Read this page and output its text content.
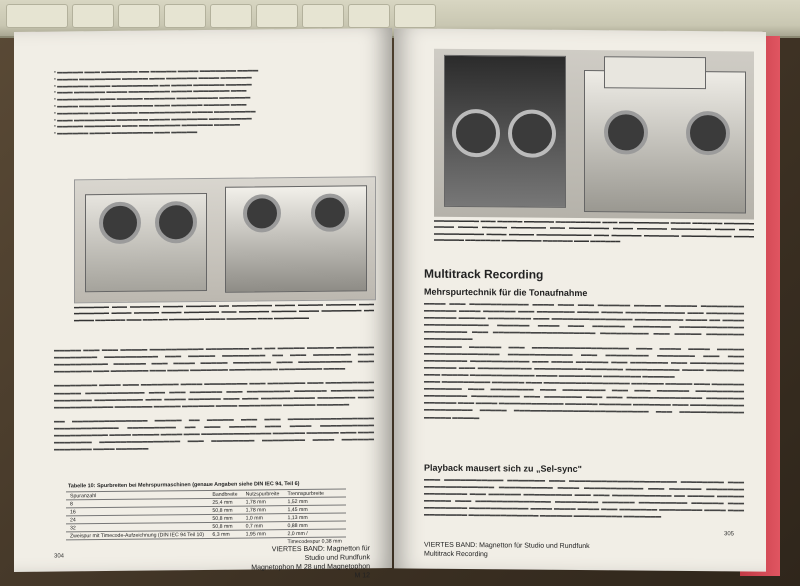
▪ ▬▬▬▬▬ ▬▬▬ ▬▬▬▬▬▬▬ ▬▬ ▬▬▬▬▬ ▬▬▬▬ ▬▬▬▬▬▬▬ ▬▬▬▬
▪ ▬▬▬▬ ▬▬▬▬▬▬▬▬ ▬▬▬▬▬ ▬▬▬ ▬▬▬▬▬▬ ▬▬▬▬ ▬▬▬▬▬▬
▪ ▬▬▬▬▬▬ ▬▬▬▬ ▬▬▬▬▬▬▬▬▬ ▬▬ ▬▬▬▬ ▬▬▬▬▬▬ ▬▬▬▬▬
▪ ▬▬▬ ▬▬▬▬▬▬ ▬▬▬▬ ▬▬▬▬▬▬▬▬ ▬▬▬▬ ▬▬▬▬▬▬▬ ▬▬▬
▪ ▬▬▬▬▬▬▬▬ ▬▬▬ ▬▬▬▬▬ ▬▬▬▬▬▬ ▬▬▬▬▬▬▬▬ ▬▬▬▬▬▬
▪ ▬▬▬▬ ▬▬▬▬▬▬ ▬▬▬▬▬▬▬▬ ▬▬▬ ▬▬▬▬▬▬ ▬▬▬▬▬ ▬▬▬
▪ ▬▬▬▬▬▬ ▬▬▬▬ ▬▬▬▬▬ ▬▬▬▬▬▬▬▬▬▬ ▬▬▬▬ ▬▬▬▬▬▬▬▬
▪ ▬▬▬ ▬▬▬▬▬▬▬▬ ▬▬▬▬▬▬ ▬▬▬▬ ▬▬▬▬▬▬▬ ▬▬▬▬ ▬▬▬▬
▪ ▬▬▬▬▬ ▬▬▬▬▬▬▬ ▬▬▬ ▬▬▬▬▬▬▬▬ ▬▬▬▬▬▬ ▬▬▬▬▬
▪ ▬▬▬▬▬▬ ▬▬▬▬ ▬▬▬▬▬▬▬▬ ▬▬▬ ▬▬▬▬▬
▬▬▬▬▬▬▬ ▬▬▬ ▬▬▬▬▬▬ ▬▬▬▬ ▬▬▬▬▬▬ ▬▬ ▬▬▬▬▬▬▬▬ ▬▬▬▬ ▬▬▬▬▬ ▬▬▬▬▬▬ ▬▬▬ ▬▬▬▬▬▬▬ ▬▬▬▬ ▬▬▬▬▬ ▬▬▬▬ ▬▬▬▬▬▬▬ ▬▬▬ ▬▬▬▬▬▬ ▬▬▬▬▬ ▬▬▬▬ ▬▬▬▬▬▬▬▬ ▬▬ ▬▬▬▬ ▬▬▬▬▬▬ ▬▬▬ ▬▬▬▬▬ ▬▬▬▬▬▬▬ ▬▬▬▬ ▬▬▬▬▬▬ ▬▬▬ ▬▬▬▬▬▬▬
▬▬▬▬▬ ▬▬▬ ▬▬▬ ▬▬▬▬▬ ▬▬▬▬▬▬▬▬▬▬ ▬▬▬▬▬▬▬▬ ▬▬ ▬▬ ▬▬▬▬▬ ▬▬▬▬▬ ▬▬▬▬▬▬▬ ▬▬▬▬▬▬▬▬ ▬▬▬▬▬▬▬▬▬▬ ▬▬▬ ▬▬▬▬▬ ▬▬▬▬▬▬▬▬ ▬▬ ▬▬▬ ▬▬▬▬▬▬▬ ▬▬▬ ▬▬▬▬▬▬▬▬▬▬ ▬▬▬▬▬▬ ▬▬▬ ▬▬▬▬ ▬▬▬▬▬ ▬▬▬▬▬▬▬ ▬▬▬ ▬▬▬▬▬▬▬▬▬▬ ▬▬▬ ▬▬▬▬▬▬▬ ▬▬▬ ▬▬▬▬▬▬▬ ▬▬▬ ▬▬▬▬ ▬▬▬▬▬▬▬ ▬▬▬▬▬▬▬▬▬ ▬▬▬▬▬▬▬▬ ▬▬▬▬

▬▬▬▬▬▬▬▬ ▬▬▬▬ ▬▬▬ ▬▬▬▬▬▬▬ ▬▬▬▬ ▬▬▬▬▬▬▬▬ ▬▬▬ ▬▬▬▬▬▬▬ ▬▬▬ ▬▬▬▬▬▬▬▬▬ ▬▬▬▬▬ ▬▬▬▬▬▬▬▬▬▬▬ ▬▬▬ ▬▬▬ ▬▬▬▬▬▬ ▬▬▬ ▬▬▬▬▬▬▬▬ ▬▬▬▬▬▬ ▬▬▬▬▬▬▬▬ ▬▬▬▬▬▬▬ ▬▬▬▬▬▬▬▬▬ ▬▬▬ ▬▬▬▬ ▬▬▬▬▬▬ ▬▬▬ ▬▬▬ ▬▬▬▬▬▬▬▬▬▬ ▬▬▬▬▬▬▬ ▬▬▬ ▬▬▬▬▬▬▬▬▬▬▬ ▬▬▬▬▬▬▬ ▬▬▬▬▬ ▬▬▬▬▬▬ ▬▬▬▬ ▬▬▬▬▬▬▬▬ ▬▬▬▬▬▬ ▬▬▬▬▬▬

▬▬ ▬▬▬▬▬▬▬▬▬▬▬▬▬▬ ▬▬▬▬▬ ▬▬ ▬▬▬▬▬ ▬▬▬ ▬▬▬ ▬▬▬▬▬▬▬▬▬▬▬▬▬▬▬▬ ▬▬▬▬▬▬▬▬▬▬▬▬ ▬▬▬▬▬▬▬▬▬ ▬▬ ▬▬▬ ▬▬▬▬▬ ▬▬▬ ▬▬▬▬ ▬▬▬▬▬▬▬▬▬▬ ▬▬▬▬▬▬▬▬▬▬ ▬▬▬▬ ▬▬▬▬▬ ▬▬▬▬ ▬▬▬ ▬▬▬▬▬▬▬▬▬▬▬▬▬ ▬▬▬▬▬▬ ▬▬▬▬▬▬ ▬▬▬ ▬▬▬ ▬▬▬▬▬▬▬ ▬▬▬▬▬▬▬▬▬▬▬▬▬▬▬ ▬▬▬ ▬▬▬▬▬▬▬▬ ▬▬▬▬▬▬▬▬ ▬▬▬▬ ▬▬▬▬▬▬ ▬▬▬▬▬▬▬ ▬▬▬▬ ▬▬▬▬▬▬
Tabelle 10: Spurbreiten bei Mehrspurmaschinen (genaue Angaben siehe DIN IEC 94, Teil 6)
Spuranzahl	Bandbreite	Nutzspurbreite	Trennspurbreite
8	25,4 mm	1,78 mm	1,52 mm
16	50,8 mm	1,78 mm	1,45 mm
24	50,8 mm	1,0 mm	1,13 mm
32	50,8 mm	0,7 mm	0,88 mm
Zweispur mit Timecode-Aufzeichnung (DIN IEC 94 Teil 10)	6,3 mm	1,95 mm	2,0 mm /
			Timecodespur 0,38 mm
304
VIERTES BAND: Magnetton für Studio und Rundfunk
Magnetophon M 28 und Magnetophon M 12
▬▬▬▬▬▬▬▬▬ ▬▬▬ ▬▬▬▬▬ ▬▬▬▬▬▬ ▬▬▬▬▬▬▬▬▬ ▬▬▬ ▬▬▬▬▬▬▬▬▬▬ ▬▬▬▬ ▬▬▬▬▬▬ ▬▬▬▬▬▬ ▬▬▬▬ ▬▬▬▬ ▬▬▬▬▬ ▬▬▬▬▬▬▬ ▬▬▬ ▬▬▬▬▬▬▬▬ ▬▬▬▬ ▬▬▬▬▬▬ ▬▬▬▬▬▬▬▬ ▬▬▬▬ ▬▬▬ ▬▬▬▬▬▬▬▬▬▬ ▬▬▬▬ ▬▬▬▬▬ ▬▬▬▬▬▬▬▬▬▬▬ ▬▬▬ ▬▬▬▬▬▬ ▬▬▬▬▬▬▬ ▬▬▬▬▬▬▬▬▬▬ ▬▬▬▬ ▬▬▬▬▬▬ ▬▬▬▬▬▬▬ ▬▬▬▬▬▬▬▬ ▬▬▬▬▬▬ ▬▬▬ ▬▬▬▬▬▬
Multitrack Recording
Mehrspurtechnik für die Tonaufnahme
▬▬▬▬ ▬▬▬ ▬▬▬▬▬▬▬▬▬▬▬ ▬▬▬▬ ▬▬▬ ▬▬▬ ▬▬▬▬▬▬ ▬▬▬▬▬ ▬▬▬▬▬▬ ▬▬▬▬▬▬▬▬ ▬▬▬▬▬▬ ▬▬▬▬ ▬▬▬▬▬▬ ▬▬▬ ▬▬▬▬▬▬▬ ▬▬▬▬ ▬▬▬▬ ▬▬▬▬▬▬▬▬▬▬▬ ▬▬▬ ▬▬▬▬▬▬▬ ▬▬▬▬▬▬ ▬▬▬▬▬ ▬▬▬▬▬▬▬▬ ▬▬▬ ▬▬▬▬▬▬▬▬▬▬▬▬▬▬▬ ▬▬▬▬▬▬▬▬▬ ▬▬▬▬ ▬▬ ▬▬▬▬ ▬▬▬▬▬▬▬▬▬▬▬▬ ▬▬▬▬▬▬ ▬▬▬▬ ▬▬▬ ▬▬▬▬▬▬ ▬▬▬▬▬▬▬ ▬▬▬▬▬▬▬▬▬▬▬▬ ▬▬▬▬▬▬▬▬ ▬▬▬ ▬▬▬▬▬▬▬▬▬▬▬▬▬▬▬▬▬▬▬ ▬▬▬▬▬▬▬▬▬ ▬▬▬ ▬▬▬▬▬ ▬▬▬▬▬▬▬ ▬▬▬▬▬▬▬▬▬
▬▬▬▬▬▬▬ ▬▬▬▬▬▬ ▬▬▬ ▬▬▬▬▬▬▬▬▬▬▬▬▬▬▬▬▬▬ ▬▬▬ ▬▬▬▬ ▬▬▬▬ ▬▬▬▬▬ ▬▬▬▬▬▬▬▬▬▬▬▬▬▬ ▬▬▬▬▬▬▬▬▬▬▬▬ ▬▬▬ ▬▬▬▬▬▬▬▬ ▬▬▬▬▬▬▬ ▬▬▬ ▬▬▬ ▬▬▬▬▬▬▬▬ ▬▬▬▬▬▬▬▬▬▬▬ ▬▬▬ ▬▬▬▬ ▬▬▬▬▬▬ ▬▬▬ ▬▬▬▬▬▬▬ ▬▬▬ ▬▬▬▬▬▬▬▬▬▬ ▬▬▬▬▬▬ ▬▬▬ ▬▬▬▬▬▬▬▬▬▬ ▬▬▬▬▬▬▬▬▬ ▬▬▬▬▬▬▬ ▬▬▬▬▬▬▬▬▬▬ ▬▬▬▬ ▬▬▬▬▬▬▬ ▬▬▬ ▬▬▬▬▬ ▬▬▬▬▬▬▬▬▬▬▬▬ ▬▬▬▬ ▬▬▬▬▬▬▬▬ ▬▬▬▬▬▬▬ ▬▬▬▬▬▬
▬▬▬ ▬▬▬▬▬▬▬▬▬ ▬▬▬▬▬▬ ▬▬▬ ▬▬▬▬▬▬▬▬▬▬▬▬▬▬▬▬ ▬▬▬▬▬▬ ▬▬▬▬▬ ▬▬▬ ▬▬▬▬▬▬ ▬▬▬▬▬▬▬ ▬▬▬ ▬▬▬▬▬▬▬▬ ▬▬▬ ▬▬▬▬▬▬▬▬ ▬▬▬ ▬▬▬ ▬▬▬▬▬▬ ▬▬▬▬▬▬▬▬▬ ▬▬▬▬▬▬▬▬ ▬▬▬▬▬▬▬▬▬ ▬▬▬ ▬▬▬▬▬▬▬ ▬▬▬ ▬▬▬ ▬▬▬▬▬▬▬▬▬▬▬▬▬▬ ▬▬▬▬▬▬▬ ▬▬▬▬▬▬ ▬▬▬ ▬▬▬▬ ▬▬▬▬▬▬▬▬▬▬▬▬ ▬▬▬▬▬▬ ▬▬▬▬▬▬ ▬▬▬▬▬▬▬ ▬▬▬ ▬▬▬▬▬▬▬▬▬▬ ▬▬▬▬▬▬▬▬▬ ▬▬▬▬▬ ▬▬▬▬▬▬▬▬▬▬▬▬▬▬▬▬▬▬▬▬▬▬▬▬▬ ▬▬▬ ▬▬▬▬▬▬▬▬▬▬▬▬ ▬▬▬▬▬ ▬▬▬▬▬
Playback mausert sich zu „Sel-sync"
▬▬▬ ▬▬▬▬▬▬▬▬▬▬▬ ▬▬▬▬▬▬▬ ▬▬▬ ▬▬▬▬▬▬▬▬▬▬▬▬▬▬▬▬▬▬▬▬ ▬▬▬▬▬▬▬▬ ▬▬▬ ▬▬▬▬▬▬▬▬▬▬▬▬▬ ▬▬▬▬▬▬▬▬▬▬ ▬▬▬▬ ▬▬▬▬▬▬▬▬▬▬▬ ▬▬▬ ▬▬▬▬▬▬ ▬▬▬▬▬▬▬ ▬▬▬▬▬▬▬▬ ▬▬▬ ▬▬▬▬▬▬ ▬▬▬▬▬▬▬▬▬ ▬▬▬ ▬▬▬ ▬▬▬▬▬▬▬▬▬▬▬ ▬▬ ▬▬▬▬▬ ▬▬▬▬▬ ▬▬▬▬▬ ▬▬▬ ▬▬▬▬▬▬▬▬▬▬▬▬▬▬ ▬▬▬▬▬▬▬▬ ▬▬▬▬▬▬ ▬▬▬▬▬▬▬▬▬ ▬▬▬▬▬▬ ▬▬▬ ▬▬▬▬▬▬▬▬ ▬▬▬▬▬▬▬▬▬▬▬ ▬▬▬▬ ▬▬▬▬ ▬▬▬▬ ▬▬▬ ▬▬▬▬▬▬▬ ▬▬▬▬▬▬▬▬ ▬▬▬▬ ▬▬▬ ▬▬▬▬▬▬▬▬ ▬▬▬▬▬▬▬▬▬▬▬▬▬ ▬▬▬▬▬▬ ▬▬▬▬▬▬▬▬▬ ▬▬▬▬▬▬▬
305
VIERTES BAND: Magnetton für Studio und Rundfunk
Multitrack Recording
